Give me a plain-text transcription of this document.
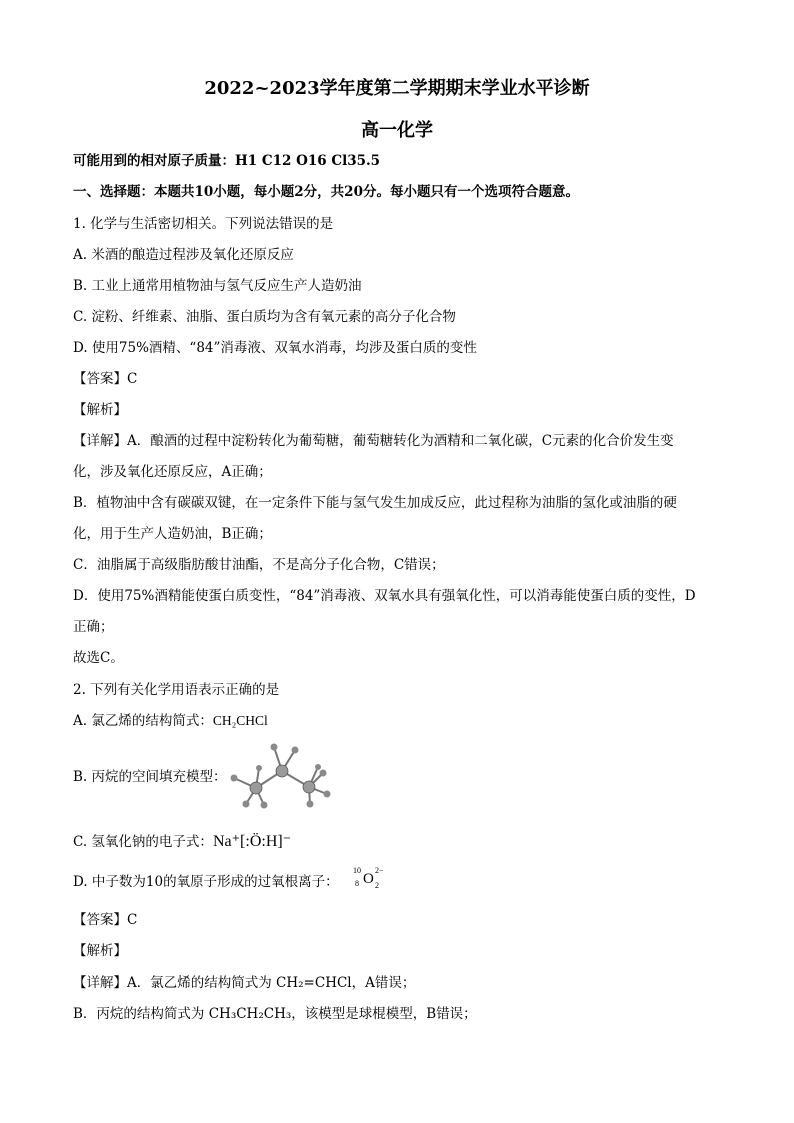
2022~2023学年度第二学期期末学业水平诊断
高一化学
可能用到的相对原子质量：H1 C12 O16 Cl35.5
一、选择题：本题共10小题，每小题2分，共20分。每小题只有一个选项符合题意。
1. 化学与生活密切相关。下列说法错误的是
A. 米酒的酿造过程涉及氧化还原反应
B. 工业上通常用植物油与氢气反应生产人造奶油
C. 淀粉、纤维素、油脂、蛋白质均为含有氧元素的高分子化合物
D. 使用75%酒精、“84”消毒液、双氧水消毒，均涉及蛋白质的变性
【答案】C
【解析】
【详解】A．酿酒的过程中淀粉转化为葡萄糖，葡萄糖转化为酒精和二氧化碳，C元素的化合价发生变
化，涉及氧化还原反应，A正确；
B．植物油中含有碳碳双键，在一定条件下能与氢气发生加成反应，此过程称为油脂的氢化或油脂的硬
化，用于生产人造奶油，B正确；
C．油脂属于高级脂肪酸甘油酯，不是高分子化合物，C错误；
D．使用75%酒精能使蛋白质变性，“84”消毒液、双氧水具有强氧化性，可以消毒能使蛋白质的变性，D
正确；
故选C。
2. 下列有关化学用语表示正确的是
A. 氯乙烯的结构简式：CH₂CHCl
B. 丙烷的空间填充模型：
C. 氢氧化钠的电子式：Na⁺[:Ö:H]⁻
D. 中子数为10的氧原子形成的过氧根离子：
10
8 O 2
2−
【答案】C
【解析】
【详解】A．氯乙烯的结构简式为 CH₂=CHCl，A错误；
B．丙烷的结构简式为 CH₃CH₂CH₃，该模型是球棍模型，B错误；
